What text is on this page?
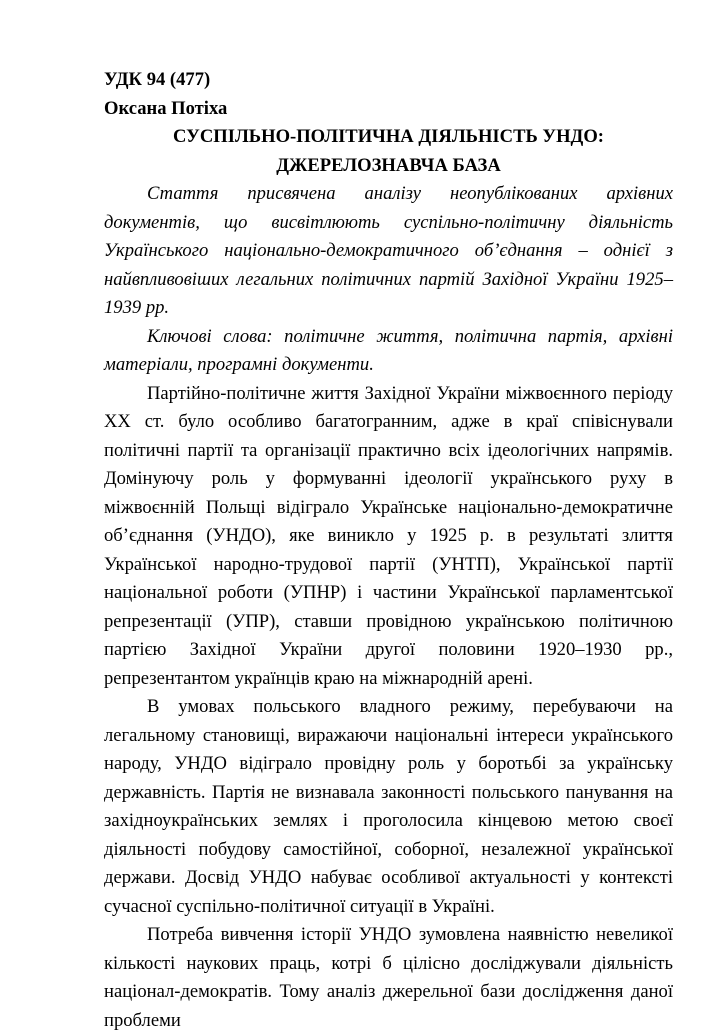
УДК 94 (477)
Оксана Потіха
СУСПІЛЬНО-ПОЛІТИЧНА ДІЯЛЬНІСТЬ УНДО:
ДЖЕРЕЛОЗНАВЧА БАЗА

Стаття присвячена аналізу неопублікованих архівних документів, що висвітлюють суспільно-політичну діяльність Українського національно-демократичного об’єднання – однієї з найвпливовіших легальних політичних партій Західної України 1925–1939 рр.

Ключові слова: політичне життя, політична партія, архівні матеріали, програмні документи.

Партійно-політичне життя Західної України міжвоєнного періоду ХХ ст. було особливо багатогранним, адже в краї співіснували політичні партії та організації практично всіх ідеологічних напрямів. Домінуючу роль у формуванні ідеології українського руху в міжвоєнній Польщі відіграло Українське національно-демократичне об’єднання (УНДО), яке виникло у 1925 р. в результаті злиття Української народно-трудової партії (УНТП), Української партії національної роботи (УПНР) і частини Української парламентської репрезентації (УПР), ставши провідною українською політичною партією Західної України другої половини 1920–1930 рр., репрезентантом українців краю на міжнародній арені.

В умовах польського владного режиму, перебуваючи на легальному становищі, виражаючи національні інтереси українського народу, УНДО відіграло провідну роль у боротьбі за українську державність. Партія не визнавала законності польського панування на західноукраїнських землях і проголосила кінцевою метою своєї діяльності побудову самостійної, соборної, незалежної української держави. Досвід УНДО набуває особливої актуальності у контексті сучасної суспільно-політичної ситуації в Україні.

Потреба вивчення історії УНДО зумовлена наявністю невеликої кількості наукових праць, котрі б цілісно досліджували діяльність націонал-демократів. Тому аналіз джерельної бази дослідження даної проблеми
